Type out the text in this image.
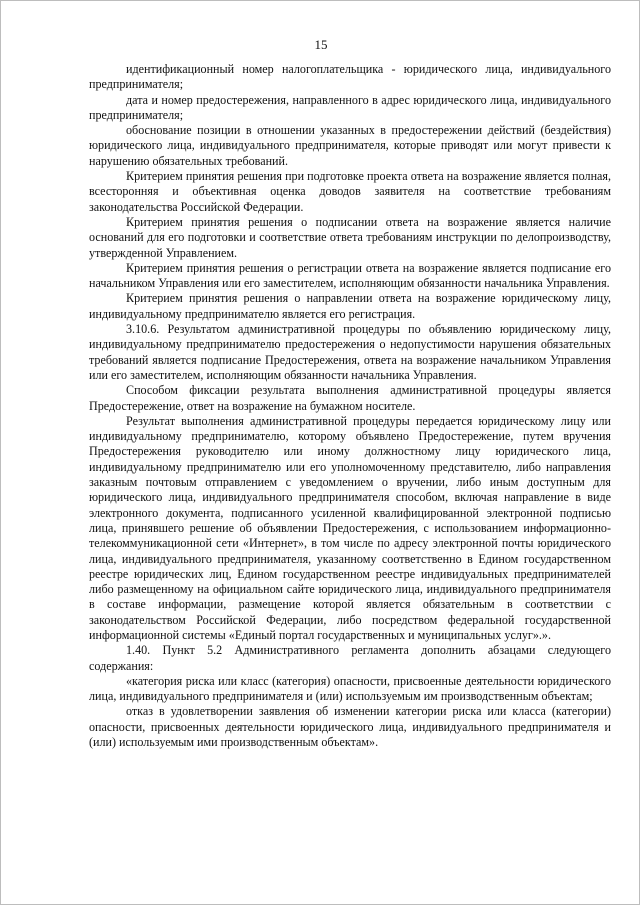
15

идентификационный номер налогоплательщика - юридического лица, индивидуального предпринимателя;

дата и номер предостережения, направленного в адрес юридического лица, индивидуального предпринимателя;

обоснование позиции в отношении указанных в предостережении действий (бездействия) юридического лица, индивидуального предпринимателя, которые приводят или могут привести к нарушению обязательных требований.

Критерием принятия решения при подготовке проекта ответа на возражение является полная, всесторонняя и объективная оценка доводов заявителя на соответствие требованиям законодательства Российской Федерации.

Критерием принятия решения о подписании ответа на возражение является наличие оснований для его подготовки и соответствие ответа требованиям инструкции по делопроизводству, утвержденной Управлением.

Критерием принятия решения о регистрации ответа на возражение является подписание его начальником Управления или его заместителем, исполняющим обязанности начальника Управления.

Критерием принятия решения о направлении ответа на возражение юридическому лицу, индивидуальному предпринимателю является его регистрация.

3.10.6. Результатом административной процедуры по объявлению юридическому лицу, индивидуальному предпринимателю предостережения о недопустимости нарушения обязательных требований является подписание Предостережения, ответа на возражение начальником Управления или его заместителем, исполняющим обязанности начальника Управления.

Способом фиксации результата выполнения административной процедуры является Предостережение, ответ на возражение на бумажном носителе.

Результат выполнения административной процедуры передается юридическому лицу или индивидуальному предпринимателю, которому объявлено Предостережение, путем вручения Предостережения руководителю или иному должностному лицу юридического лица, индивидуальному предпринимателю или его уполномоченному представителю, либо направления заказным почтовым отправлением с уведомлением о вручении, либо иным доступным для юридического лица, индивидуального предпринимателя способом, включая направление в виде электронного документа, подписанного усиленной квалифицированной электронной подписью лица, принявшего решение об объявлении Предостережения, с использованием информационно-телекоммуникационной сети «Интернет», в том числе по адресу электронной почты юридического лица, индивидуального предпринимателя, указанному соответственно в Едином государственном реестре юридических лиц, Едином государственном реестре индивидуальных предпринимателей либо размещенному на официальном сайте юридического лица, индивидуального предпринимателя в составе информации, размещение которой является обязательным в соответствии с законодательством Российской Федерации, либо посредством федеральной государственной информационной системы «Единый портал государственных и муниципальных услуг».».

1.40. Пункт 5.2 Административного регламента дополнить абзацами следующего содержания:

«категория риска или класс (категория) опасности, присвоенные деятельности юридического лица, индивидуального предпринимателя и (или) используемым им производственным объектам;

отказ в удовлетворении заявления об изменении категории риска или класса (категории) опасности, присвоенных деятельности юридического лица, индивидуального предпринимателя и (или) используемым ими производственным объектам».
